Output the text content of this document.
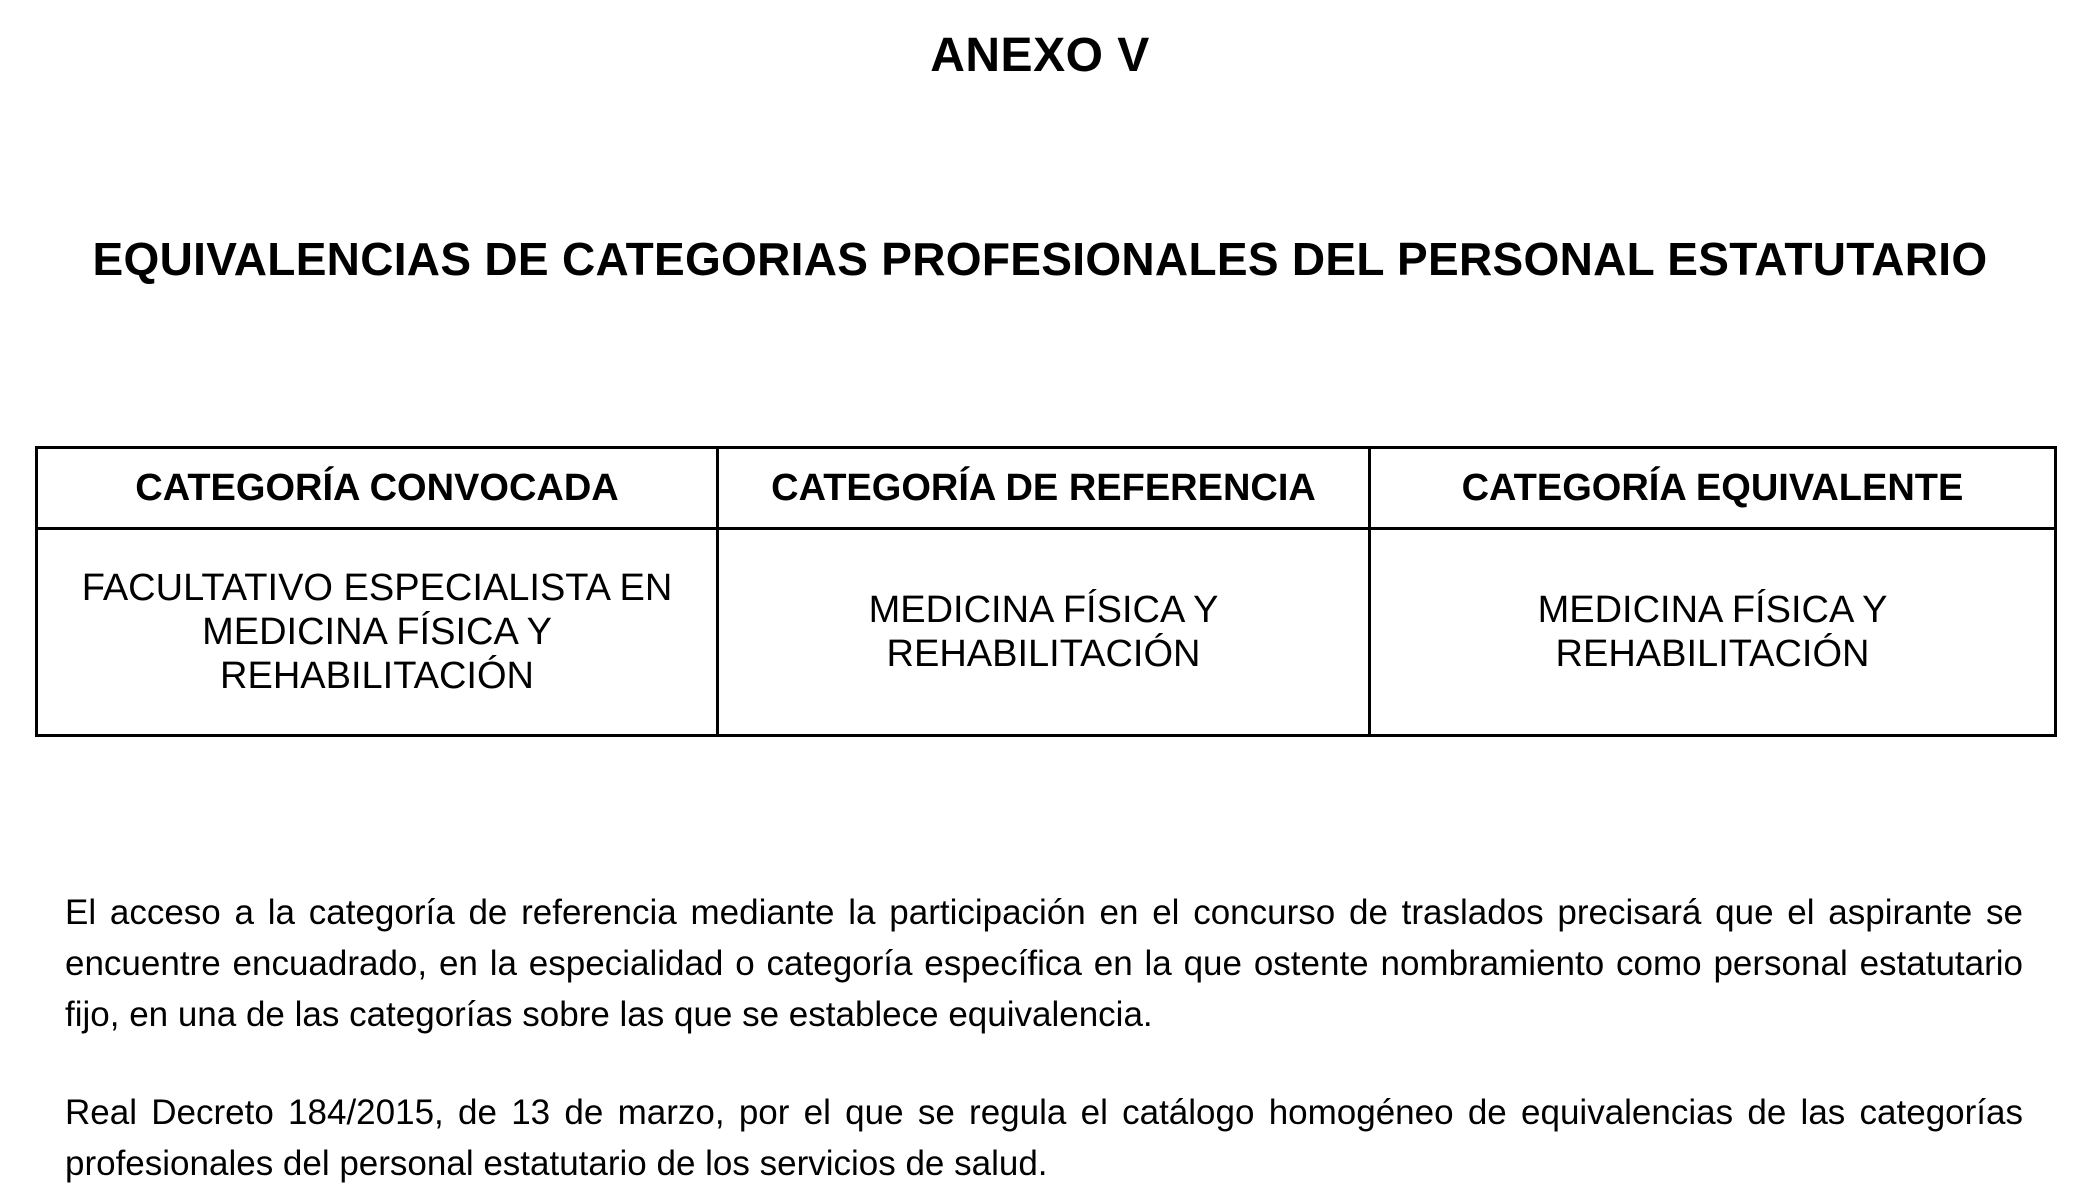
ANEXO V
EQUIVALENCIAS DE CATEGORIAS PROFESIONALES DEL PERSONAL ESTATUTARIO
CATEGORÍA CONVOCADA	CATEGORÍA DE REFERENCIA	CATEGORÍA EQUIVALENTE

FACULTATIVO ESPECIALISTA EN
MEDICINA FÍSICA Y
REHABILITACIÓN	MEDICINA FÍSICA Y
REHABILITACIÓN	MEDICINA FÍSICA Y
REHABILITACIÓN

El acceso a la categoría de referencia mediante la participación en el concurso de traslados precisará que el aspirante se encuentre encuadrado, en la especialidad o categoría específica en la que ostente nombramiento como personal estatutario fijo, en una de las categorías sobre las que se establece equivalencia.

Real Decreto 184/2015, de 13 de marzo, por el que se regula el catálogo homogéneo de equivalencias de las categorías profesionales del personal estatutario de los servicios de salud.
